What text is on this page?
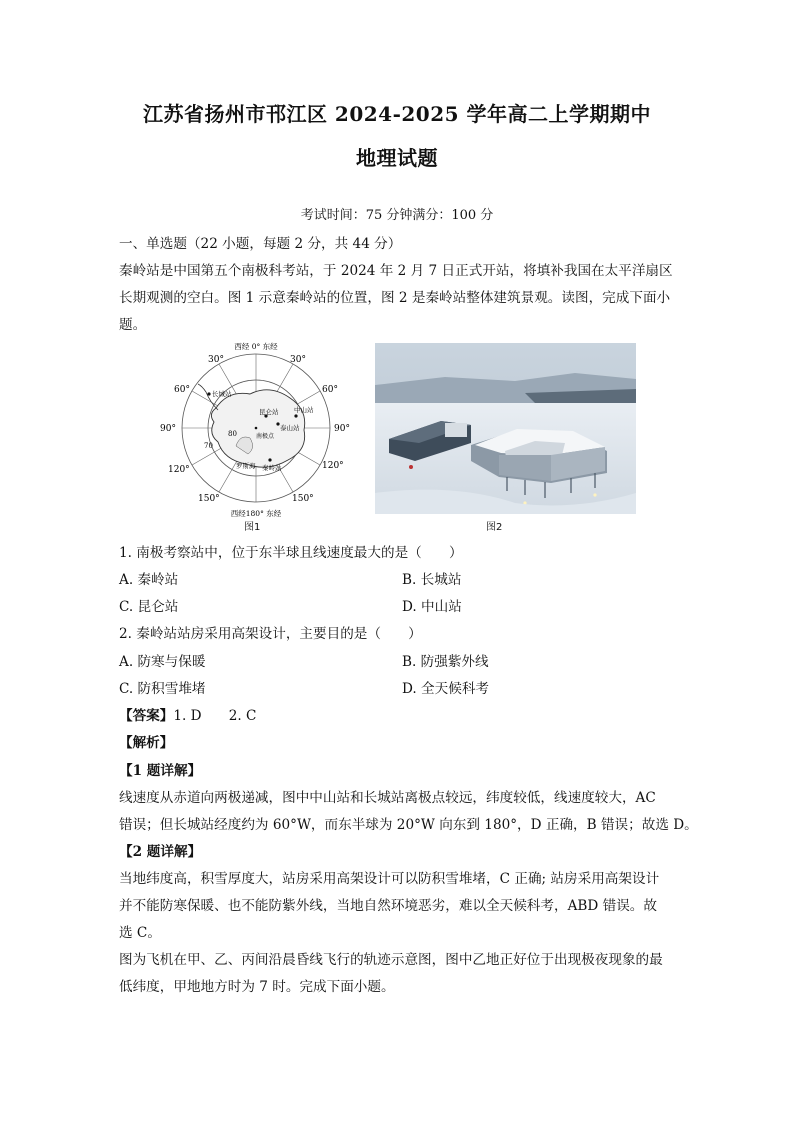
江苏省扬州市邗江区 2024-2025 学年高二上学期期中
地理试题
考试时间：75 分钟满分：100 分
一、单选题（22 小题，每题 2 分，共 44 分）
秦岭站是中国第五个南极科考站，于 2024 年 2 月 7 日正式开站，将填补我国在太平洋扇区
长期观测的空白。图 1 示意秦岭站的位置，图 2 是秦岭站整体建筑景观。读图，完成下面小
题。
西经 0° 东经
西经180° 东经
30°	30°
60°	60°
90°	90°
120°	120°
150°	150°
70
80
长城站
昆仑站 中山站
泰山站
南极点
罗斯海 秦岭站
图1	图2
1. 南极考察站中，位于东半球且线速度最大的是（　　）
A. 秦岭站	B. 长城站
C. 昆仑站	D. 中山站
2. 秦岭站站房采用高架设计，主要目的是（　　）
A. 防寒与保暖	B. 防强紫外线
C. 防积雪堆堵	D. 全天候科考
【答案】1. D　　2. C
【解析】
【1 题详解】
线速度从赤道向两极递减，图中中山站和长城站离极点较远，纬度较低，线速度较大，AC
错误；但长城站经度约为 60°W，而东半球为 20°W 向东到 180°，D 正确，B 错误；故选 D。
【2 题详解】
当地纬度高，积雪厚度大，站房采用高架设计可以防积雪堆堵，C 正确; 站房采用高架设计
并不能防寒保暖、也不能防紫外线，当地自然环境恶劣，难以全天候科考，ABD 错误。故
选 C。
图为飞机在甲、乙、丙间沿晨昏线飞行的轨迹示意图，图中乙地正好位于出现极夜现象的最
低纬度，甲地地方时为 7 时。完成下面小题。
